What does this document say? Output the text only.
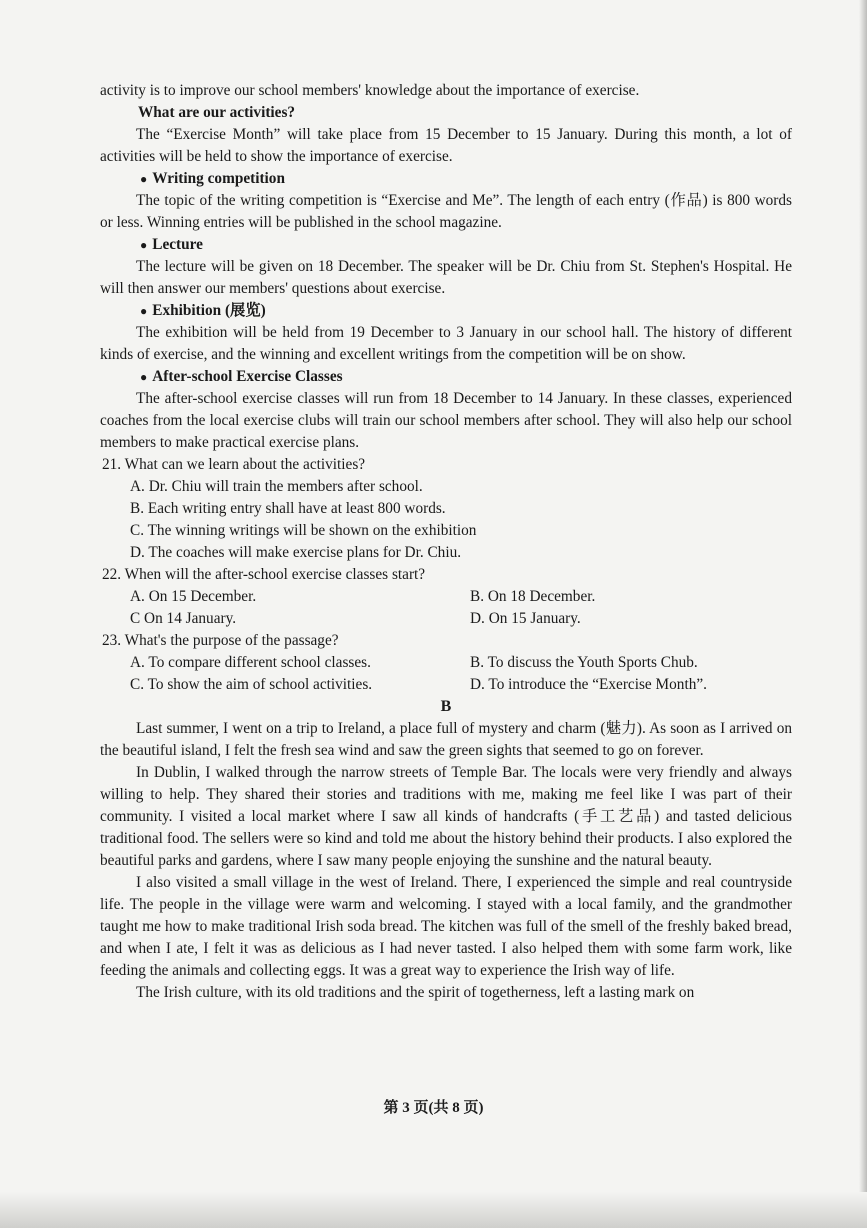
activity is to improve our school members' knowledge about the importance of exercise.

What are our activities?

The “Exercise Month” will take place from 15 December to 15 January. During this month, a lot of activities will be held to show the importance of exercise.

● Writing competition

The topic of the writing competition is “Exercise and Me”. The length of each entry (作品) is 800 words or less. Winning entries will be published in the school magazine.

● Lecture

The lecture will be given on 18 December. The speaker will be Dr. Chiu from St. Stephen's Hospital. He will then answer our members' questions about exercise.

● Exhibition (展览)

The exhibition will be held from 19 December to 3 January in our school hall. The history of different kinds of exercise, and the winning and excellent writings from the competition will be on show.

● After-school Exercise Classes

The after-school exercise classes will run from 18 December to 14 January. In these classes, experienced coaches from the local exercise clubs will train our school members after school. They will also help our school members to make practical exercise plans.

21. What can we learn about the activities?

A. Dr. Chiu will train the members after school.

B. Each writing entry shall have at least 800 words.

C. The winning writings will be shown on the exhibition

D. The coaches will make exercise plans for Dr. Chiu.

22. When will the after-school exercise classes start?

A. On 15 December.	B. On 18 December.
C On 14 January.	D. On 15 January.

23. What's the purpose of the passage?

A. To compare different school classes.	B. To discuss the Youth Sports Chub.
C. To show the aim of school activities.	D. To introduce the “Exercise Month”.

B

Last summer, I went on a trip to Ireland, a place full of mystery and charm (魅力). As soon as I arrived on the beautiful island, I felt the fresh sea wind and saw the green sights that seemed to go on forever.

In Dublin, I walked through the narrow streets of Temple Bar. The locals were very friendly and always willing to help. They shared their stories and traditions with me, making me feel like I was part of their community. I visited a local market where I saw all kinds of handcrafts (手工艺品) and tasted delicious traditional food. The sellers were so kind and told me about the history behind their products. I also explored the beautiful parks and gardens, where I saw many people enjoying the sunshine and the natural beauty.

I also visited a small village in the west of Ireland. There, I experienced the simple and real countryside life. The people in the village were warm and welcoming. I stayed with a local family, and the grandmother taught me how to make traditional Irish soda bread. The kitchen was full of the smell of the freshly baked bread, and when I ate, I felt it was as delicious as I had never tasted. I also helped them with some farm work, like feeding the animals and collecting eggs. It was a great way to experience the Irish way of life.

The Irish culture, with its old traditions and the spirit of togetherness, left a lasting mark on

第 3 页(共 8 页)
